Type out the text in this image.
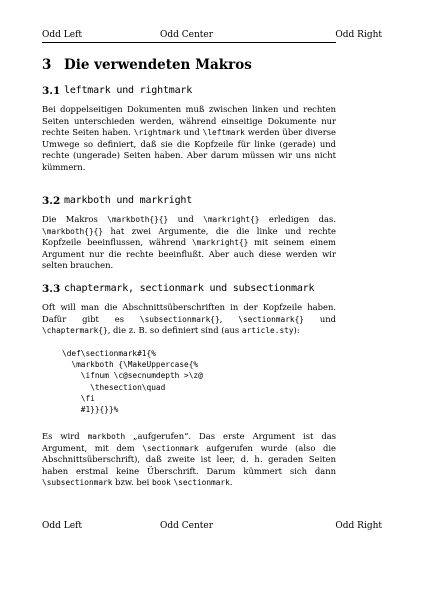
Odd Left	Odd Center	Odd Right
3 Die verwendeten Makros
3.1 leftmark und rightmark

Bei doppelseitigen Dokumenten muß zwischen linken und rechten Seiten unterschieden werden, während einseitige Dokumente nur rechte Seiten haben. \rightmark und \leftmark werden über diverse Umwege so definiert, daß sie die Kopfzeile für linke (gerade) und rechte (ungerade) Seiten haben. Aber darum müssen wir uns nicht kümmern.

3.2 markboth und markright

Die Makros \markboth{}{} und \markright{} erledigen das. \markboth{}{} hat zwei Argumente, die die linke und rechte Kopfzeile beeinflussen, während \markright{} mit seinem einem Argument nur die rechte beeinflußt. Aber auch diese werden wir selten brauchen.

3.3 chaptermark, sectionmark und subsectionmark

Oft will man die Abschnittsüberschriften in der Kopfzeile haben. Dafür gibt es \subsectionmark{}, \sectionmark{} und \chaptermark{}, die z. B. so definiert sind (aus article.sty):

\def\sectionmark#1{%
\markboth {\MakeUppercase{%
\ifnum \c@secnumdepth >\z@
\thesection\quad
\fi
#1}}{}}%

Es wird markboth „aufgerufen“. Das erste Argument ist das Argument, mit dem \sectionmark aufgerufen wurde (also die Abschnittsüberschrift), daß zweite ist leer, d. h. geraden Seiten haben erstmal keine Überschrift. Darum kümmert sich dann \subsectionmark bzw. bei book \sectionmark.

Odd Left	Odd Center	Odd Right
